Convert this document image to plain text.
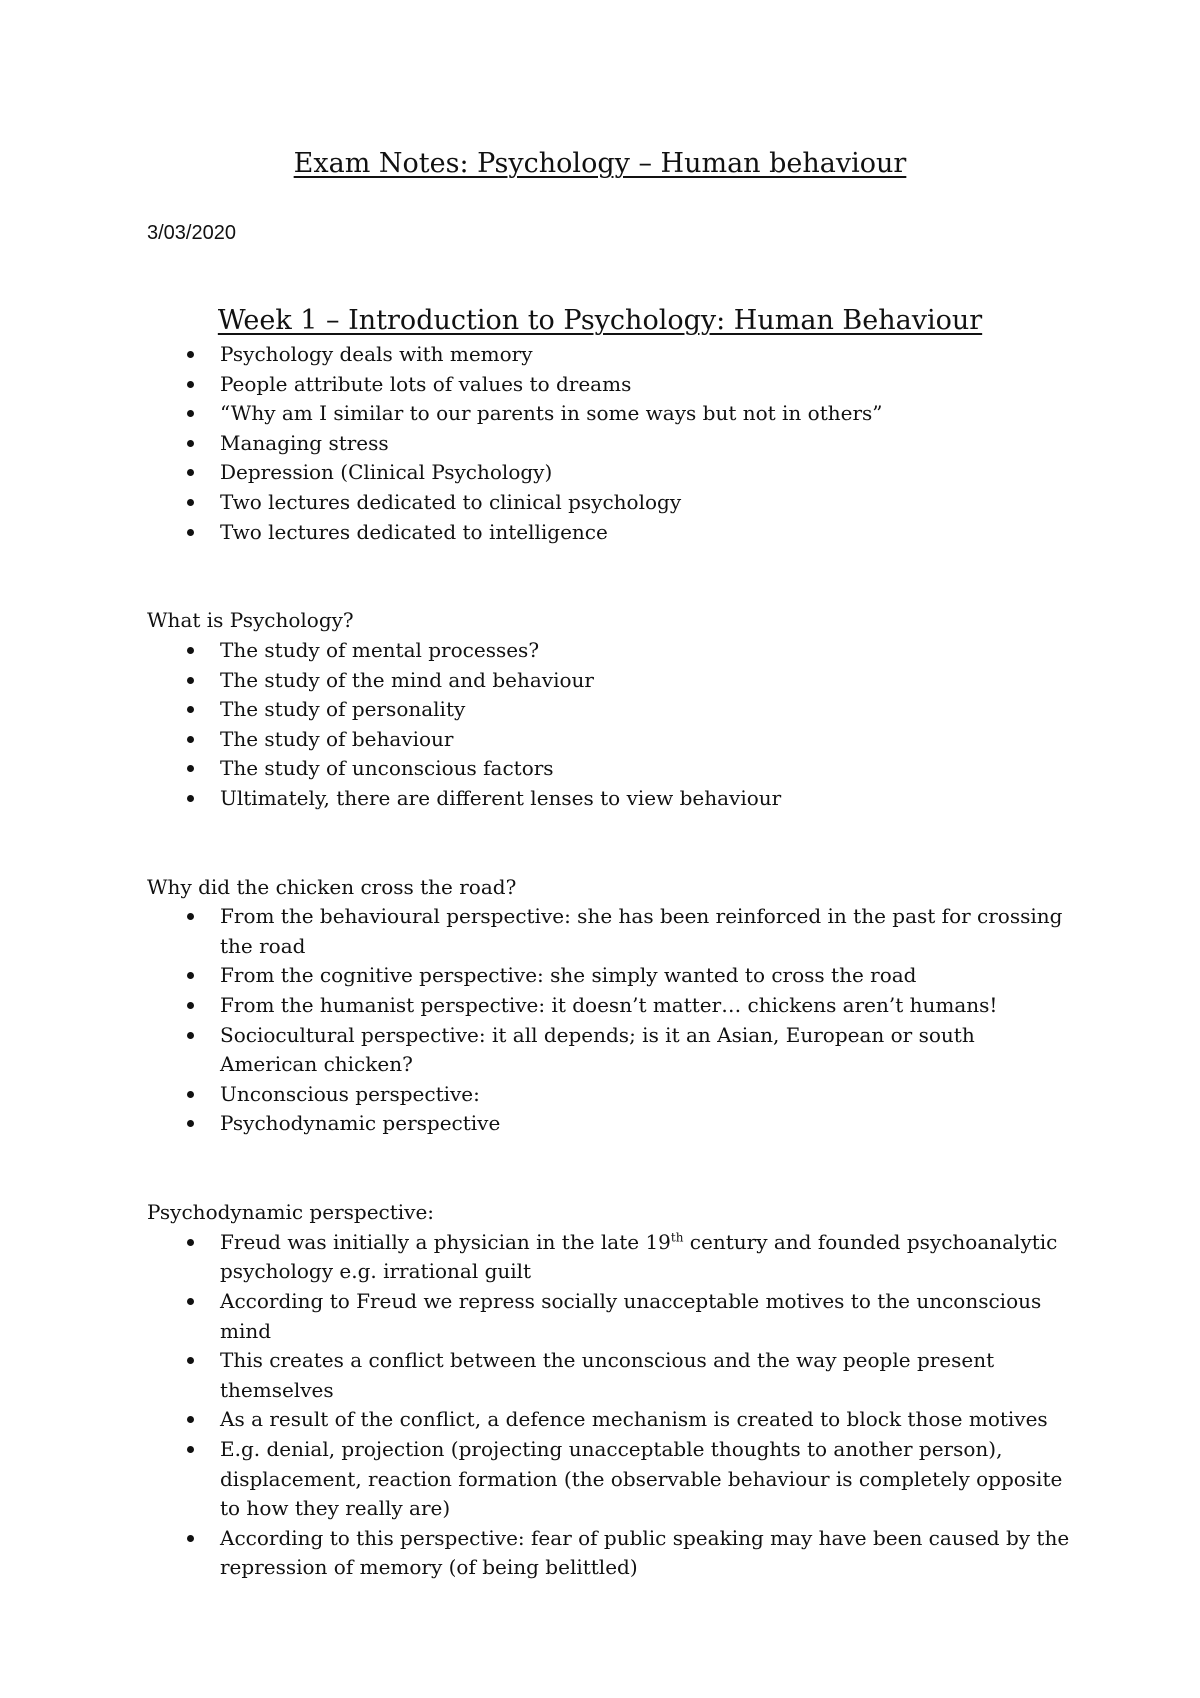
Exam Notes: Psychology – Human behaviour

3/03/2020

Week 1 – Introduction to Psychology: Human Behaviour
Psychology deals with memory
People attribute lots of values to dreams
“Why am I similar to our parents in some ways but not in others”
Managing stress
Depression (Clinical Psychology)
Two lectures dedicated to clinical psychology
Two lectures dedicated to intelligence

What is Psychology?

The study of mental processes?
The study of the mind and behaviour
The study of personality
The study of behaviour
The study of unconscious factors
Ultimately, there are different lenses to view behaviour

Why did the chicken cross the road?

From the behavioural perspective: she has been reinforced in the past for crossing the road
From the cognitive perspective: she simply wanted to cross the road
From the humanist perspective: it doesn’t matter… chickens aren’t humans!
Sociocultural perspective: it all depends; is it an Asian, European or south American chicken?
Unconscious perspective:
Psychodynamic perspective

Psychodynamic perspective:

Freud was initially a physician in the late 19th century and founded psychoanalytic psychology e.g. irrational guilt
According to Freud we repress socially unacceptable motives to the unconscious mind
This creates a conflict between the unconscious and the way people present themselves
As a result of the conflict, a defence mechanism is created to block those motives
E.g. denial, projection (projecting unacceptable thoughts to another person), displacement, reaction formation (the observable behaviour is completely opposite to how they really are)
According to this perspective: fear of public speaking may have been caused by the repression of memory (of being belittled)
